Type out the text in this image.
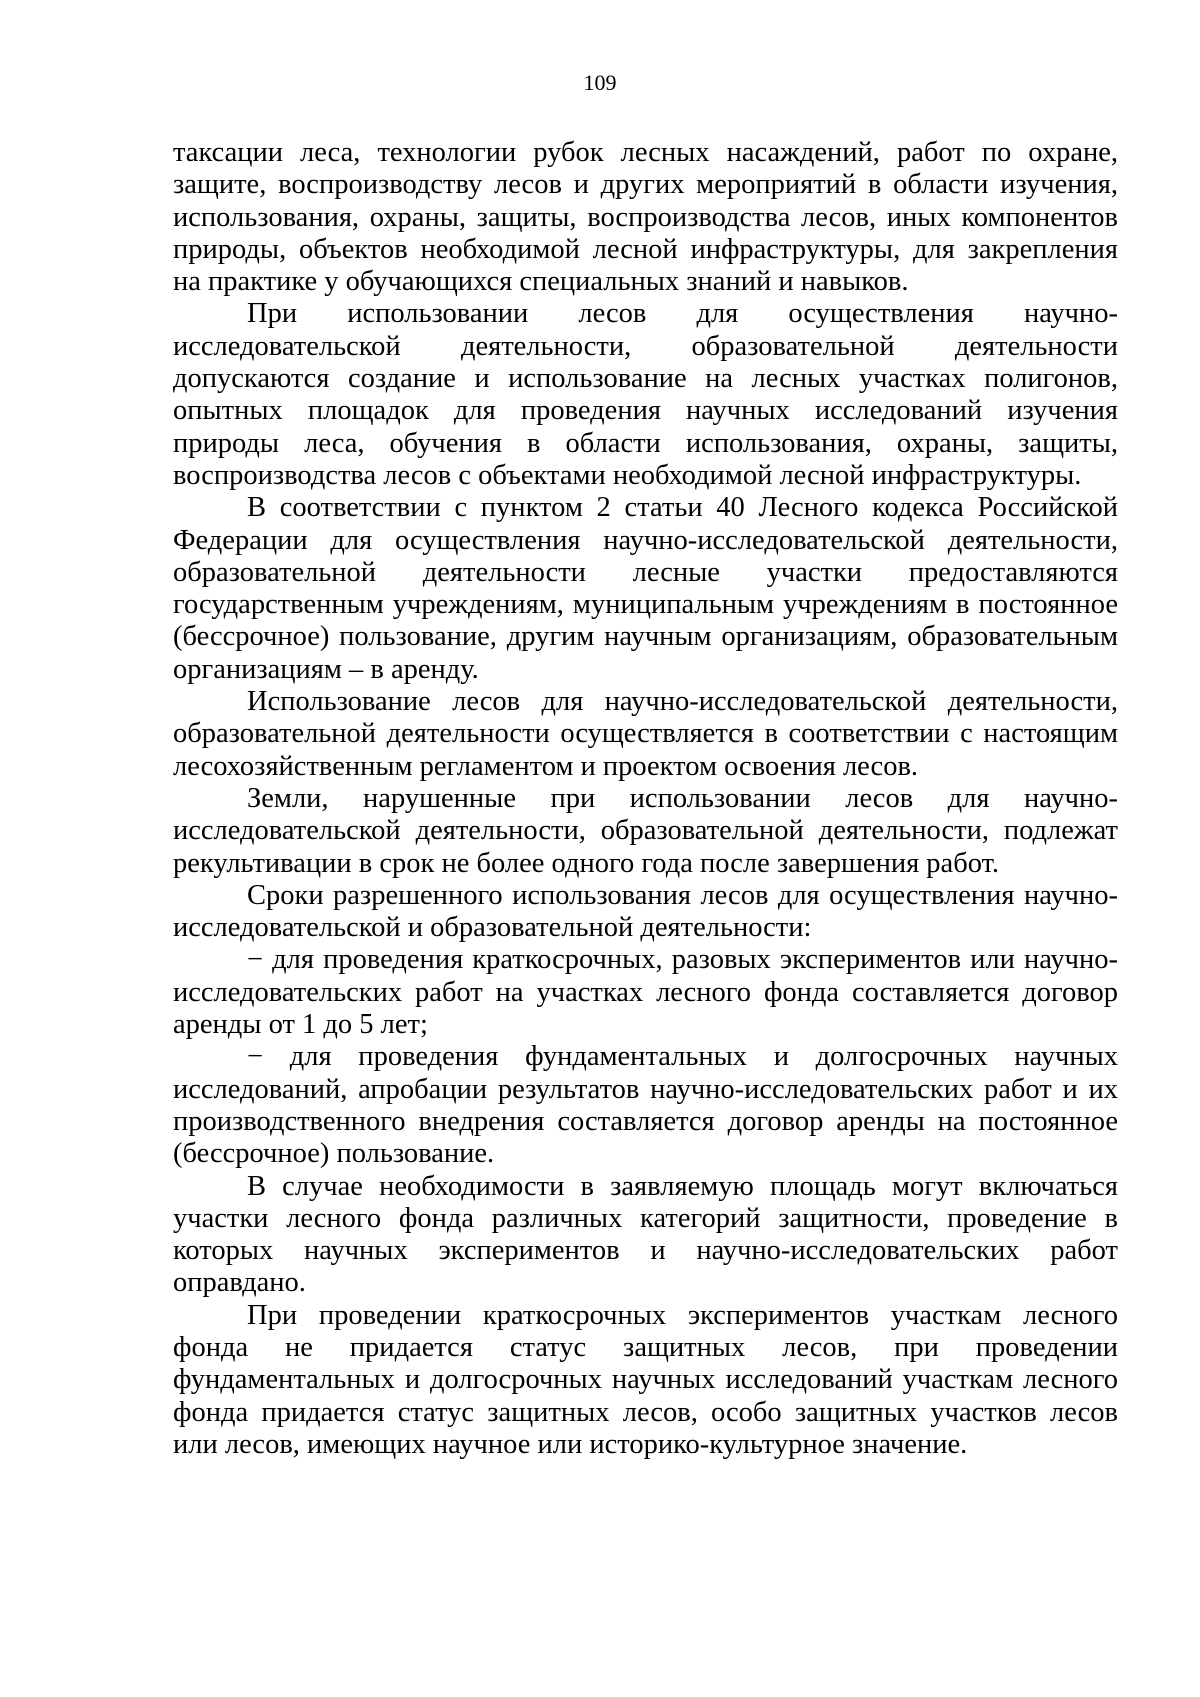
109

таксации леса, технологии рубок лесных насаждений, работ по охране, защите, воспроизводству лесов и других мероприятий в области изучения, использования, охраны, защиты, воспроизводства лесов, иных компонентов природы, объектов необходимой лесной инфраструктуры, для закрепления на практике у обучающихся специальных знаний и навыков.

При использовании лесов для осуществления научно-исследовательской деятельности, образовательной деятельности допускаются создание и использование на лесных участках полигонов, опытных площадок для проведения научных исследований изучения природы леса, обучения в области использования, охраны, защиты, воспроизводства лесов с объектами необходимой лесной инфраструктуры.

В соответствии с пунктом 2 статьи 40 Лесного кодекса Российской Федерации для осуществления научно-исследовательской деятельности, образовательной деятельности лесные участки предоставляются государственным учреждениям, муниципальным учреждениям в постоянное (бессрочное) пользование, другим научным организациям, образовательным организациям – в аренду.

Использование лесов для научно-исследовательской деятельности, образовательной деятельности осуществляется в соответствии с настоящим лесохозяйственным регламентом и проектом освоения лесов.

Земли, нарушенные при использовании лесов для научно-исследовательской деятельности, образовательной деятельности, подлежат рекультивации в срок не более одного года после завершения работ.

Сроки разрешенного использования лесов для осуществления научно-исследовательской и образовательной деятельности:

− для проведения краткосрочных, разовых экспериментов или научно-исследовательских работ на участках лесного фонда составляется договор аренды от 1 до 5 лет;

− для проведения фундаментальных и долгосрочных научных исследований, апробации результатов научно-исследовательских работ и их производственного внедрения составляется договор аренды на постоянное (бессрочное) пользование.

В случае необходимости в заявляемую площадь могут включаться участки лесного фонда различных категорий защитности, проведение в которых научных экспериментов и научно-исследовательских работ оправдано.

При проведении краткосрочных экспериментов участкам лесного фонда не придается статус защитных лесов, при проведении фундаментальных и долгосрочных научных исследований участкам лесного фонда придается статус защитных лесов, особо защитных участков лесов или лесов, имеющих научное или историко-культурное значение.
